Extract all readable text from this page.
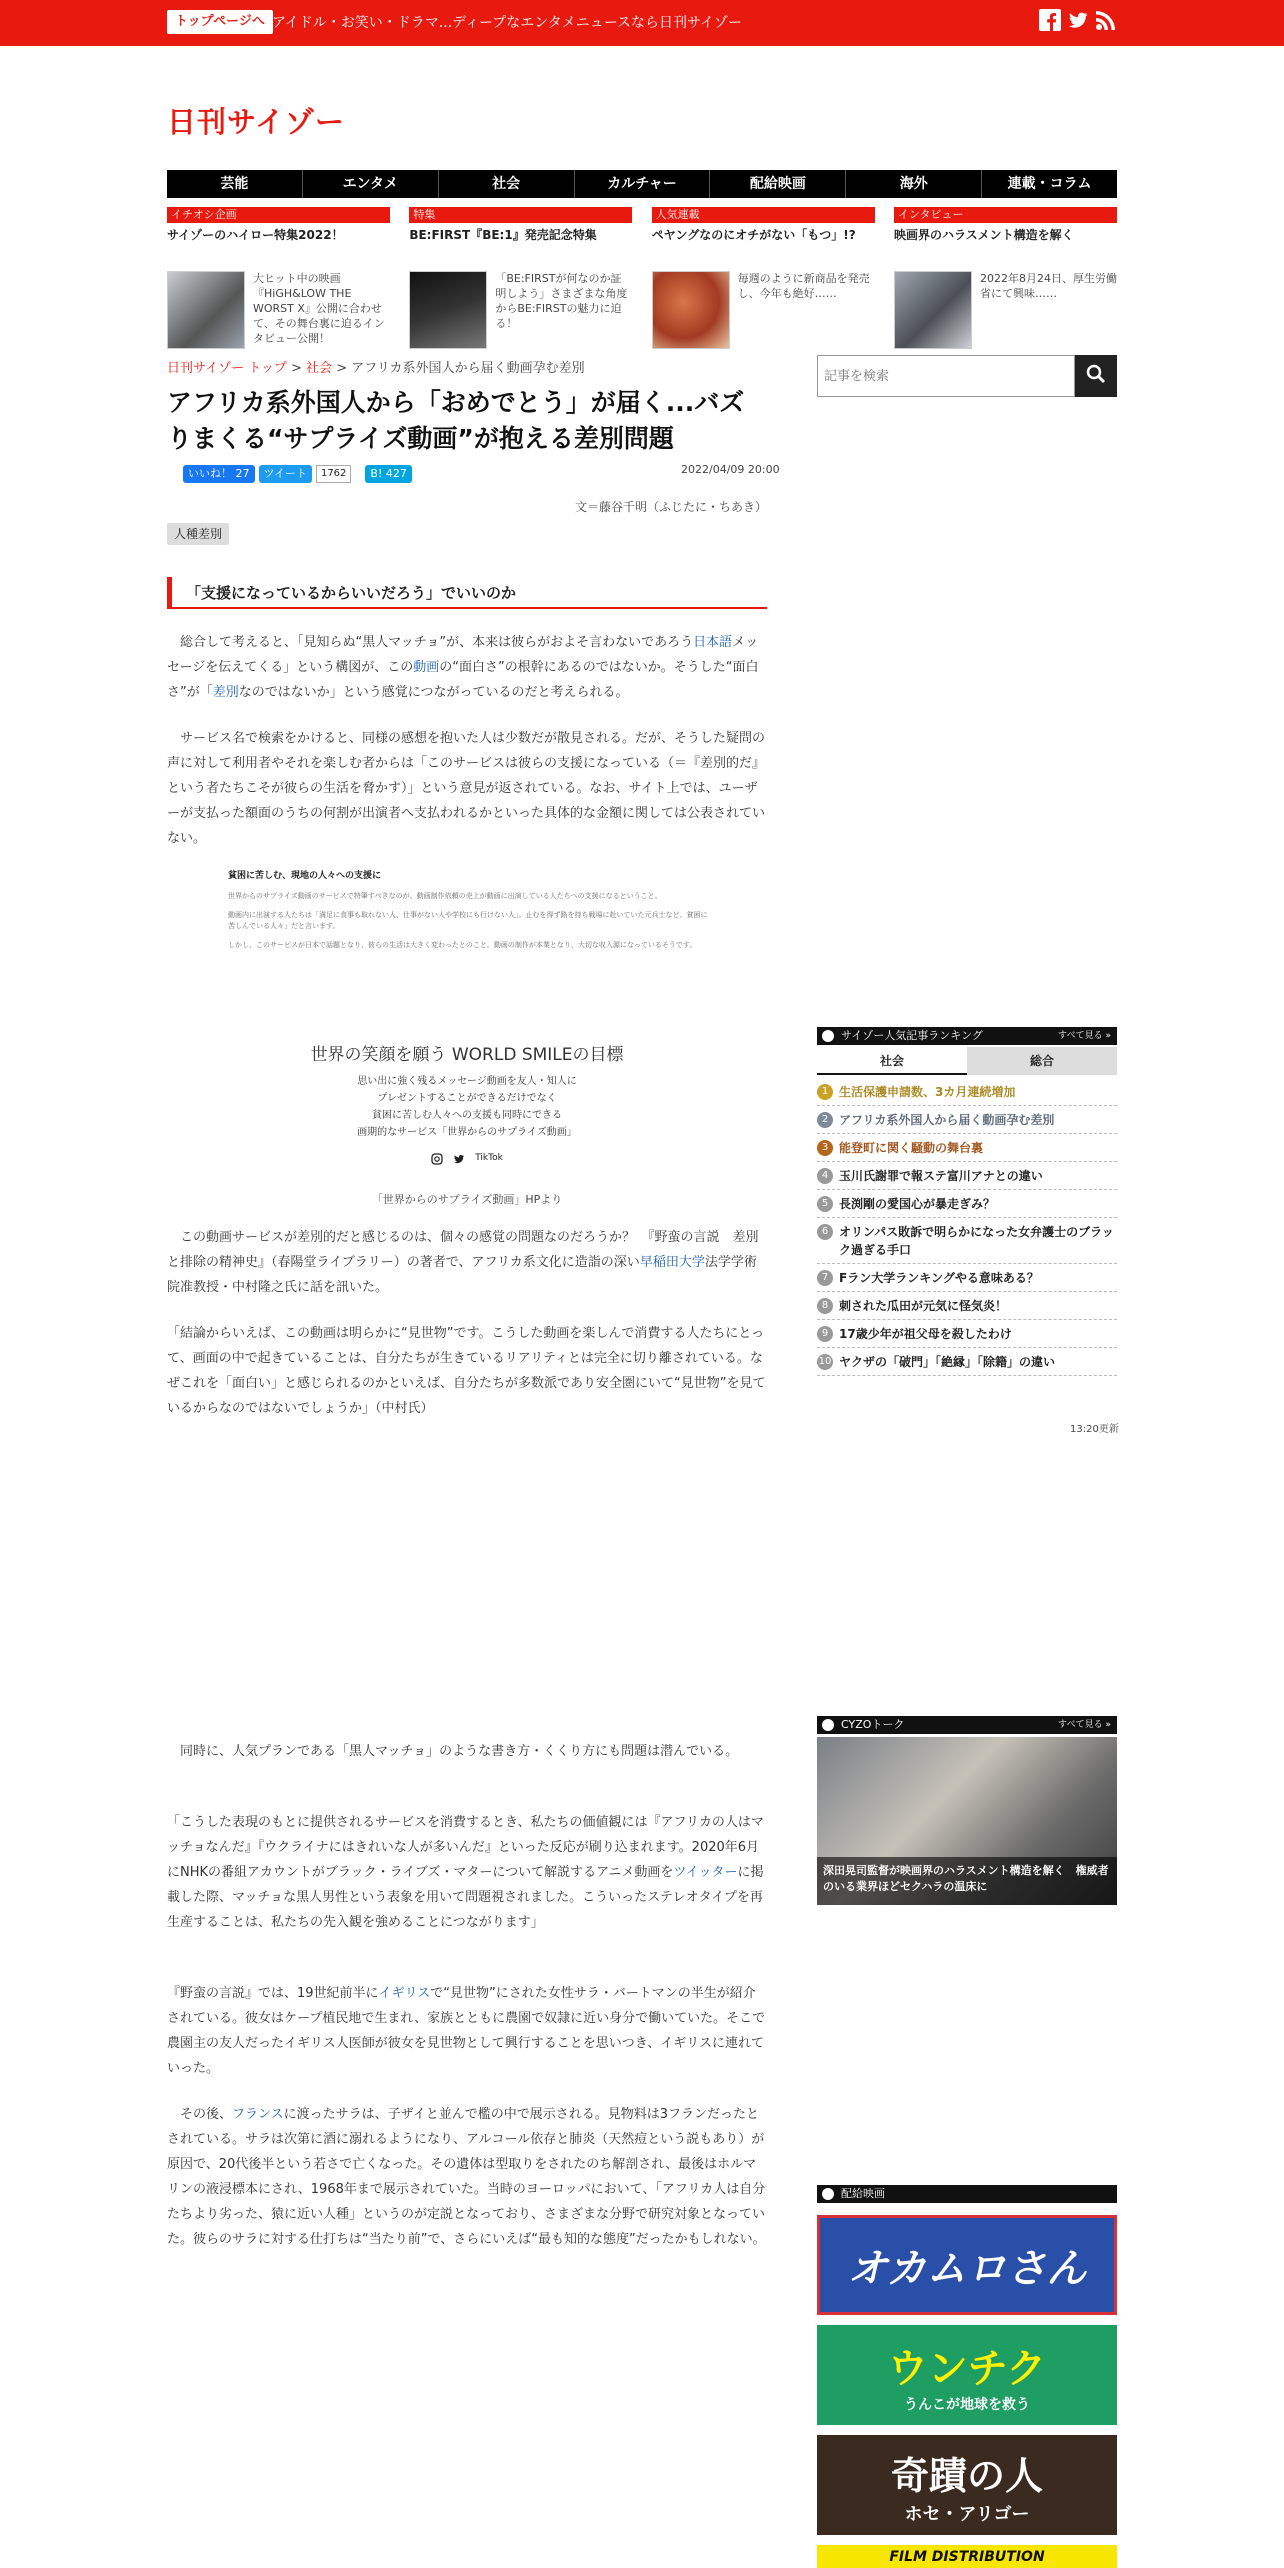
トップページへ アイドル・お笑い・ドラマ...ディープなエンタメニュースなら日刊サイゾー
日刊サイゾー
芸能	エンタメ	社会	カルチャー	配給映画	海外	連載・コラム
イチオシ企画
サイゾーのハイロー特集2022！
大ヒット中の映画『HiGH&LOW THE WORST X』公開に合わせて、その舞台裏に迫るインタビュー公開！
特集
BE:FIRST『BE:1』発売記念特集
「BE:FIRSTが何なのか証明しよう」さまざまな角度からBE:FIRSTの魅力に迫る！
人気連載
ペヤングなのにオチがない「もつ」!?
毎週のように新商品を発売し、今年も絶好……
インタビュー
映画界のハラスメント構造を解く
2022年8月24日、厚生労働省にて興味……
日刊サイゾー トップ > 社会 > アフリカ系外国人から届く動画孕む差別
アフリカ系外国人から「おめでとう」が届く...バズりまくる“サプライズ動画”が抱える差別問題
いいね！ 27	ツイート	1762	B! 427	2022/04/09 20:00
文＝藤谷千明（ふじたに・ちあき）
人種差別
「支援になっているからいいだろう」でいいのか

　総合して考えると、「見知らぬ“黒人マッチョ”が、本来は彼らがおよそ言わないであろう日本語メッセージを伝えてくる」という構図が、この動画の“面白さ”の根幹にあるのではないか。そうした“面白さ”が「差別なのではないか」という感覚につながっているのだと考えられる。

　サービス名で検索をかけると、同様の感想を抱いた人は少数だが散見される。だが、そうした疑問の声に対して利用者やそれを楽しむ者からは「このサービスは彼らの支援になっている（＝『差別的だ』という者たちこそが彼らの生活を脅かす）」という意見が返されている。なお、サイト上では、ユーザーが支払った額面のうちの何割が出演者へ支払われるかといった具体的な金額に関しては公表されていない。

貧困に苦しむ、現地の人々への支援に
世界からのサプライズ動画のサービスで特筆すべきなのが、動画制作依頼の売上が動画に出演している人たちへの支援になるということ。
動画内に出演する人たちは「満足に食事も取れない人、仕事がない人や学校にも行けない人」。止むを得ず路を持ち戦場に赴いていた元兵士など、貧困に苦しんでいる人々」だと言います。
しかし、このサービスが日本で話題となり、彼らの生活は大きく変わったとのこと。動画の制作が本業となり、大切な収入源になっているそうです。
世界の笑顔を願う WORLD SMILEの目標
思い出に強く残るメッセージ動画を友人・知人に
プレゼントすることができるだけでなく
貧困に苦しむ人々への支援も同時にできる
画期的なサービス「世界からのサプライズ動画」
TikTok
「世界からのサプライズ動画」HPより

　この動画サービスが差別的だと感じるのは、個々の感覚の問題なのだろうか？　『野蛮の言説　差別と排除の精神史』（春陽堂ライブラリー）の著者で、アフリカ系文化に造詣の深い早稲田大学法学学術院准教授・中村隆之氏に話を訊いた。

「結論からいえば、この動画は明らかに“見世物”です。こうした動画を楽しんで消費する人たちにとって、画面の中で起きていることは、自分たちが生きているリアリティとは完全に切り離されている。なぜこれを「面白い」と感じられるのかといえば、自分たちが多数派であり安全圏にいて“見世物”を見ているからなのではないでしょうか」（中村氏）

　同時に、人気プランである「黒人マッチョ」のような書き方・くくり方にも問題は潜んでいる。

「こうした表現のもとに提供されるサービスを消費するとき、私たちの価値観には『アフリカの人はマッチョなんだ』『ウクライナにはきれいな人が多いんだ』といった反応が刷り込まれます。2020年6月にNHKの番組アカウントがブラック・ライブズ・マターについて解説するアニメ動画をツイッターに掲載した際、マッチョな黒人男性という表象を用いて問題視されました。こういったステレオタイプを再生産することは、私たちの先入観を強めることにつながります」

『野蛮の言説』では、19世紀前半にイギリスで“見世物”にされた女性サラ・バートマンの半生が紹介されている。彼女はケープ植民地で生まれ、家族とともに農園で奴隷に近い身分で働いていた。そこで農園主の友人だったイギリス人医師が彼女を見世物として興行することを思いつき、イギリスに連れていった。

　その後、フランスに渡ったサラは、子ザイと並んで檻の中で展示される。見物料は3フランだったとされている。サラは次第に酒に溺れるようになり、アルコール依存と肺炎（天然痘という説もあり）が原因で、20代後半という若さで亡くなった。その遺体は型取りをされたのち解剖され、最後はホルマリンの液浸標本にされ、1968年まで展示されていた。当時のヨーロッパにおいて、「アフリカ人は自分たちより劣った、猿に近い人種」というのが定説となっており、さまざまな分野で研究対象となっていた。彼らのサラに対する仕打ちは“当たり前”で、さらにいえば“最も知的な態度”だったかもしれない。

記事を検索
サイゾー人気記事ランキング	すべて見る »
社会	総合
1 生活保護申請数、3カ月連続増加
2 アフリカ系外国人から届く動画孕む差別
3 能登町に関く騒動の舞台裏
4 玉川氏謝罪で報ステ富川アナとの違い
5 長渕剛の愛国心が暴走ぎみ？
6 オリンパス敗訴で明らかになった女弁護士のブラック過ぎる手口
7 Fラン大学ランキングやる意味ある？
8 刺された瓜田が元気に怪気炎！
9 17歳少年が祖父母を殺したわけ
10 ヤクザの「破門」「絶縁」「除籍」の違い
13:20更新
CYZOトーク	すべて見る »
深田晃司監督が映画界のハラスメント構造を解く　権威者のいる業界ほどセクハラの温床に
配給映画
オカムロさん
ウンチク
うんこが地球を救う
奇蹟の人
ホセ・アリゴー
FILM DISTRIBUTION
